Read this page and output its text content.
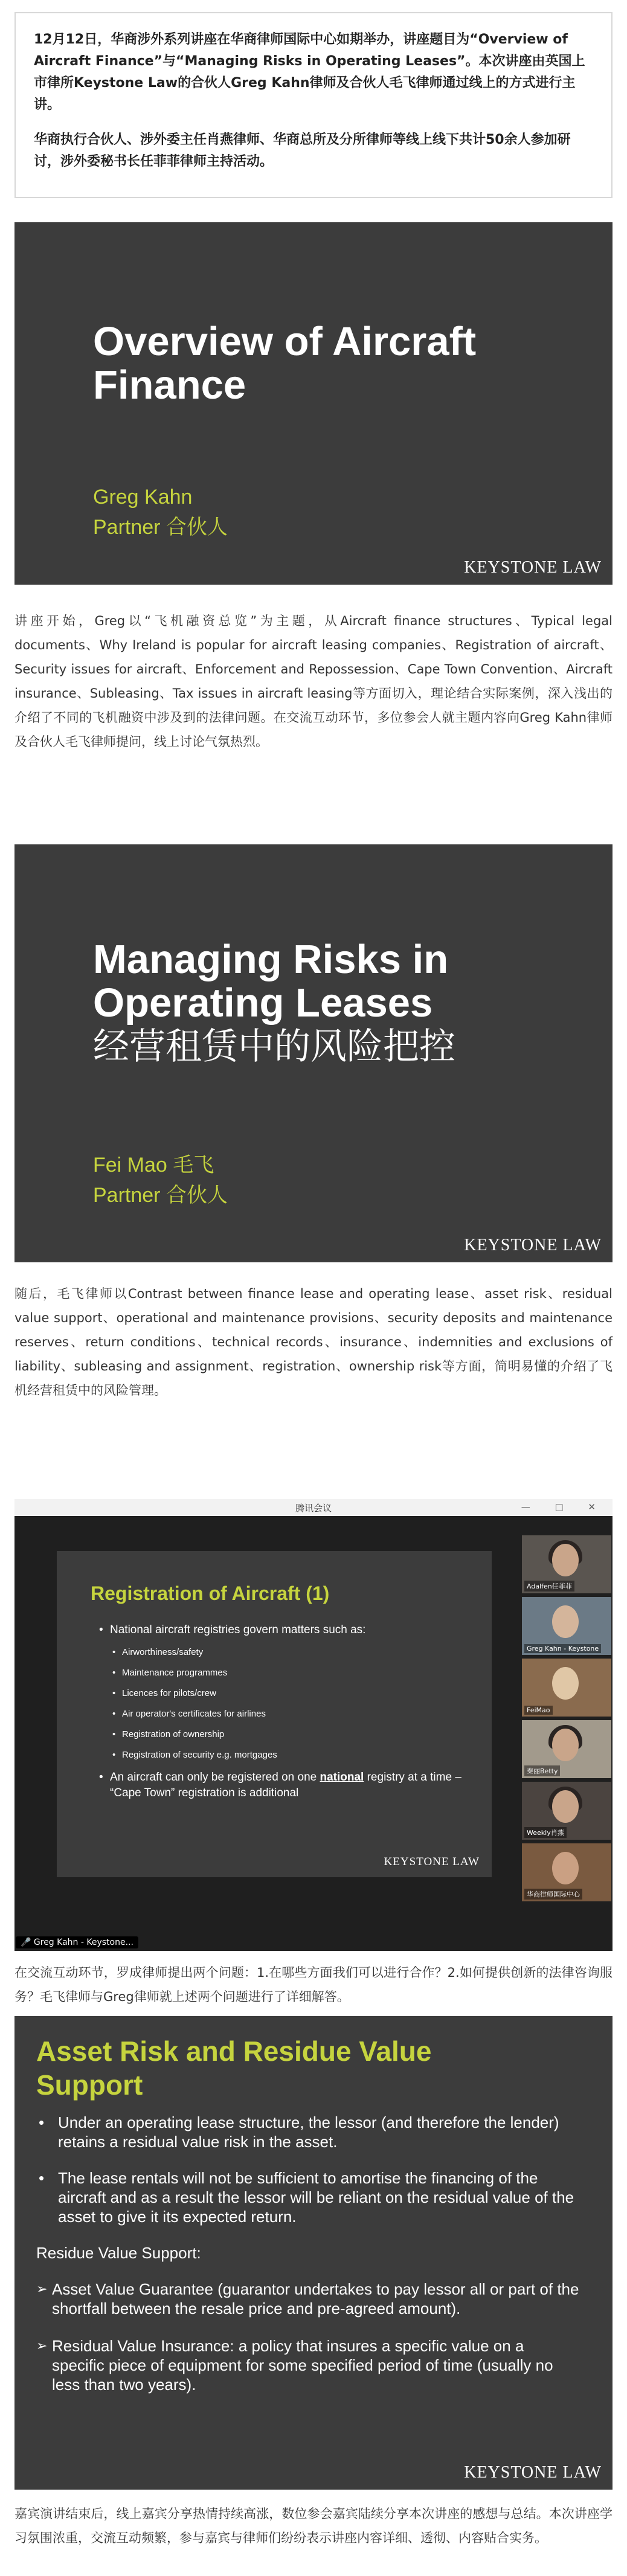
12月12日，华商涉外系列讲座在华商律师国际中心如期举办，讲座题目为“Overview of Aircraft Finance”与“Managing Risks in Operating Leases”。本次讲座由英国上市律所Keystone Law的合伙人Greg Kahn律师及合伙人毛飞律师通过线上的方式进行主讲。

华商执行合伙人、涉外委主任肖燕律师、华商总所及分所律师等线上线下共计50余人参加研讨，涉外委秘书长任菲菲律师主持活动。

Overview of Aircraft
Finance
Greg Kahn
Partner 合伙人
KEYSTONE LAW

讲座开始，Greg以“飞机融资总览”为主题，从Aircraft finance structures、Typical legal documents、Why Ireland is popular for aircraft leasing companies、Registration of aircraft、Security issues for aircraft、Enforcement and Repossession、Cape Town Convention、Aircraft insurance、Subleasing、Tax issues in aircraft leasing等方面切入，理论结合实际案例，深入浅出的介绍了不同的飞机融资中涉及到的法律问题。在交流互动环节，多位参会人就主题内容向Greg Kahn律师及合伙人毛飞律师提问，线上讨论气氛热烈。

Managing Risks in
Operating Leases
经营租赁中的风险把控
Fei Mao 毛飞
Partner 合伙人
KEYSTONE LAW

随后，毛飞律师以Contrast between finance lease and operating lease、asset risk、residual value support、operational and maintenance provisions、security deposits and maintenance reserves、return conditions、technical records、insurance、indemnities and exclusions of liability、subleasing and assignment、registration、ownership risk等方面，简明易懂的介绍了飞机经营租赁中的风险管理。

腾讯会议	— □ ✕
Registration of Aircraft (1)
• National aircraft registries govern matters such as:
• Airworthiness/safety
• Maintenance programmes
• Licences for pilots/crew
• Air operator's certificates for airlines
• Registration of ownership
• Registration of security e.g. mortgages
• An aircraft can only be registered on one national registry at a time – “Cape Town” registration is additional
KEYSTONE LAW
🎤 Greg Kahn - Keystone...
Adalfen任菲菲
Greg Kahn - Keystone
FeiMao
秦丽Betty
Weekly肖燕
华商律师国际中心

在交流互动环节，罗成律师提出两个问题：1.在哪些方面我们可以进行合作？2.如何提供创新的法律咨询服务？毛飞律师与Greg律师就上述两个问题进行了详细解答。

Asset Risk and Residue Value
Support
• Under an operating lease structure, the lessor (and therefore the lender) retains a residual value risk in the asset.
• The lease rentals will not be sufficient to amortise the financing of the aircraft and as a result the lessor will be reliant on the residual value of the asset to give it its expected return.
Residue Value Support:
➢ Asset Value Guarantee (guarantor undertakes to pay lessor all or part of the shortfall between the resale price and pre-agreed amount).
➢ Residual Value Insurance: a policy that insures a specific value on a specific piece of equipment for some specified period of time (usually no less than two years).
KEYSTONE LAW

嘉宾演讲结束后，线上嘉宾分享热情持续高涨，数位参会嘉宾陆续分享本次讲座的感想与总结。本次讲座学习氛围浓重，交流互动频繁，参与嘉宾与律师们纷纷表示讲座内容详细、透彻、内容贴合实务。
